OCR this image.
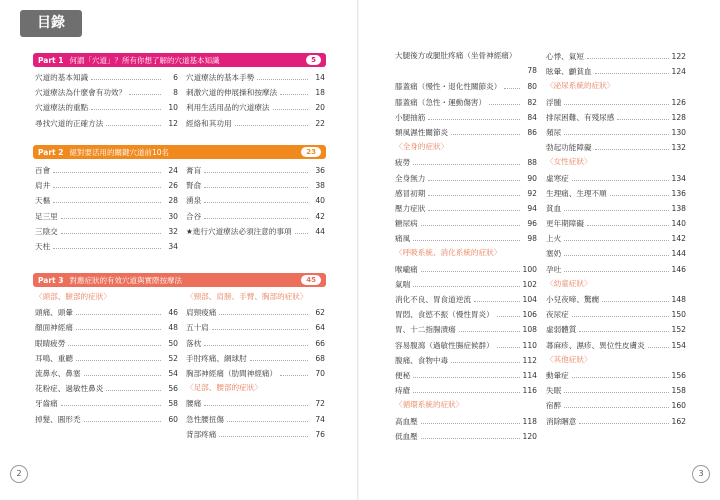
目錄
Part 1 何謂「穴道」？所有你想了解的穴道基本知識	5
穴道的基本知識	6
穴道療法為什麼會有功效？	8
穴道療法的重點	10
尋找穴道的正確方法	12
穴道療法的基本手勢	14
刺激穴道的伸展操和按摩法	18
利用生活用品的穴道療法	20
經絡和其功用	22
Part 2 絕對要活用的關鍵穴道前10名	23
百會	24
肩井	26
天樞	28
足三里	30
三陰交	32
天柱	34
膏肓	36
腎俞	38
湧泉	40
合谷	42
★進行穴道療法必須注意的事項	44
Part 3 對應症狀的有效穴道與實際按摩法	45
〈頭部、臉部的症狀〉
頭痛、頭暈	46
顏面神經痛	48
眼睛疲勞	50
耳鳴、重聽	52
流鼻水、鼻塞	54
花粉症、過敏性鼻炎	56
牙齒痛	58
掉髮、圓形禿	60
〈頸部、肩膀、手臂、胸部的症狀〉
肩頸痠痛	62
五十肩	64
落枕	66
手肘疼痛、網球肘	68
胸部神經痛（肋間神經痛）	70
〈足部、腰部的症狀〉
腰痛	72
急性腰扭傷	74
背部疼痛	76
大腿後方或腿肚疼痛（坐骨神經痛）
78
膝蓋痛（慢性・退化性關節炎）	80
膝蓋痛（急性・運動傷害）	82
小腿抽筋	84
類風濕性關節炎	86
〈全身的症狀〉
疲勞	88
全身無力	90
感冒初期	92
壓力症狀	94
糖尿病	96
痛風	98
〈呼吸系統、消化系統的症狀〉
喉嚨痛	100
氣喘	102
消化不良、胃食道逆流	104
胃悶、食慾不振（慢性胃炎）	106
胃、十二指腸潰瘍	108
容易腹瀉（過敏性腸症候群）	110
腹痛、食物中毒	112
便秘	114
痔瘡	116
〈循環系統的症狀〉
高血壓	118
低血壓	120
心悸、氣短	122
眩暈、顱貧血	124
〈泌尿系統的症狀〉
浮腫	126
排尿困難、有殘尿感	128
頻尿	130
勃起功能障礙	132
〈女性症狀〉
虛寒症	134
生理痛、生理不順	136
貧血	138
更年期障礙	140
上火	142
塞奶	144
孕吐	146
〈幼童症狀〉
小兒夜啼、驚癇	148
夜尿症	150
虛弱體質	152
蕁麻疹、濕疹、異位性皮膚炎	154
〈其他症狀〉
動暈症	156
失眠	158
宿醉	160
消除睏意	162
2	3
